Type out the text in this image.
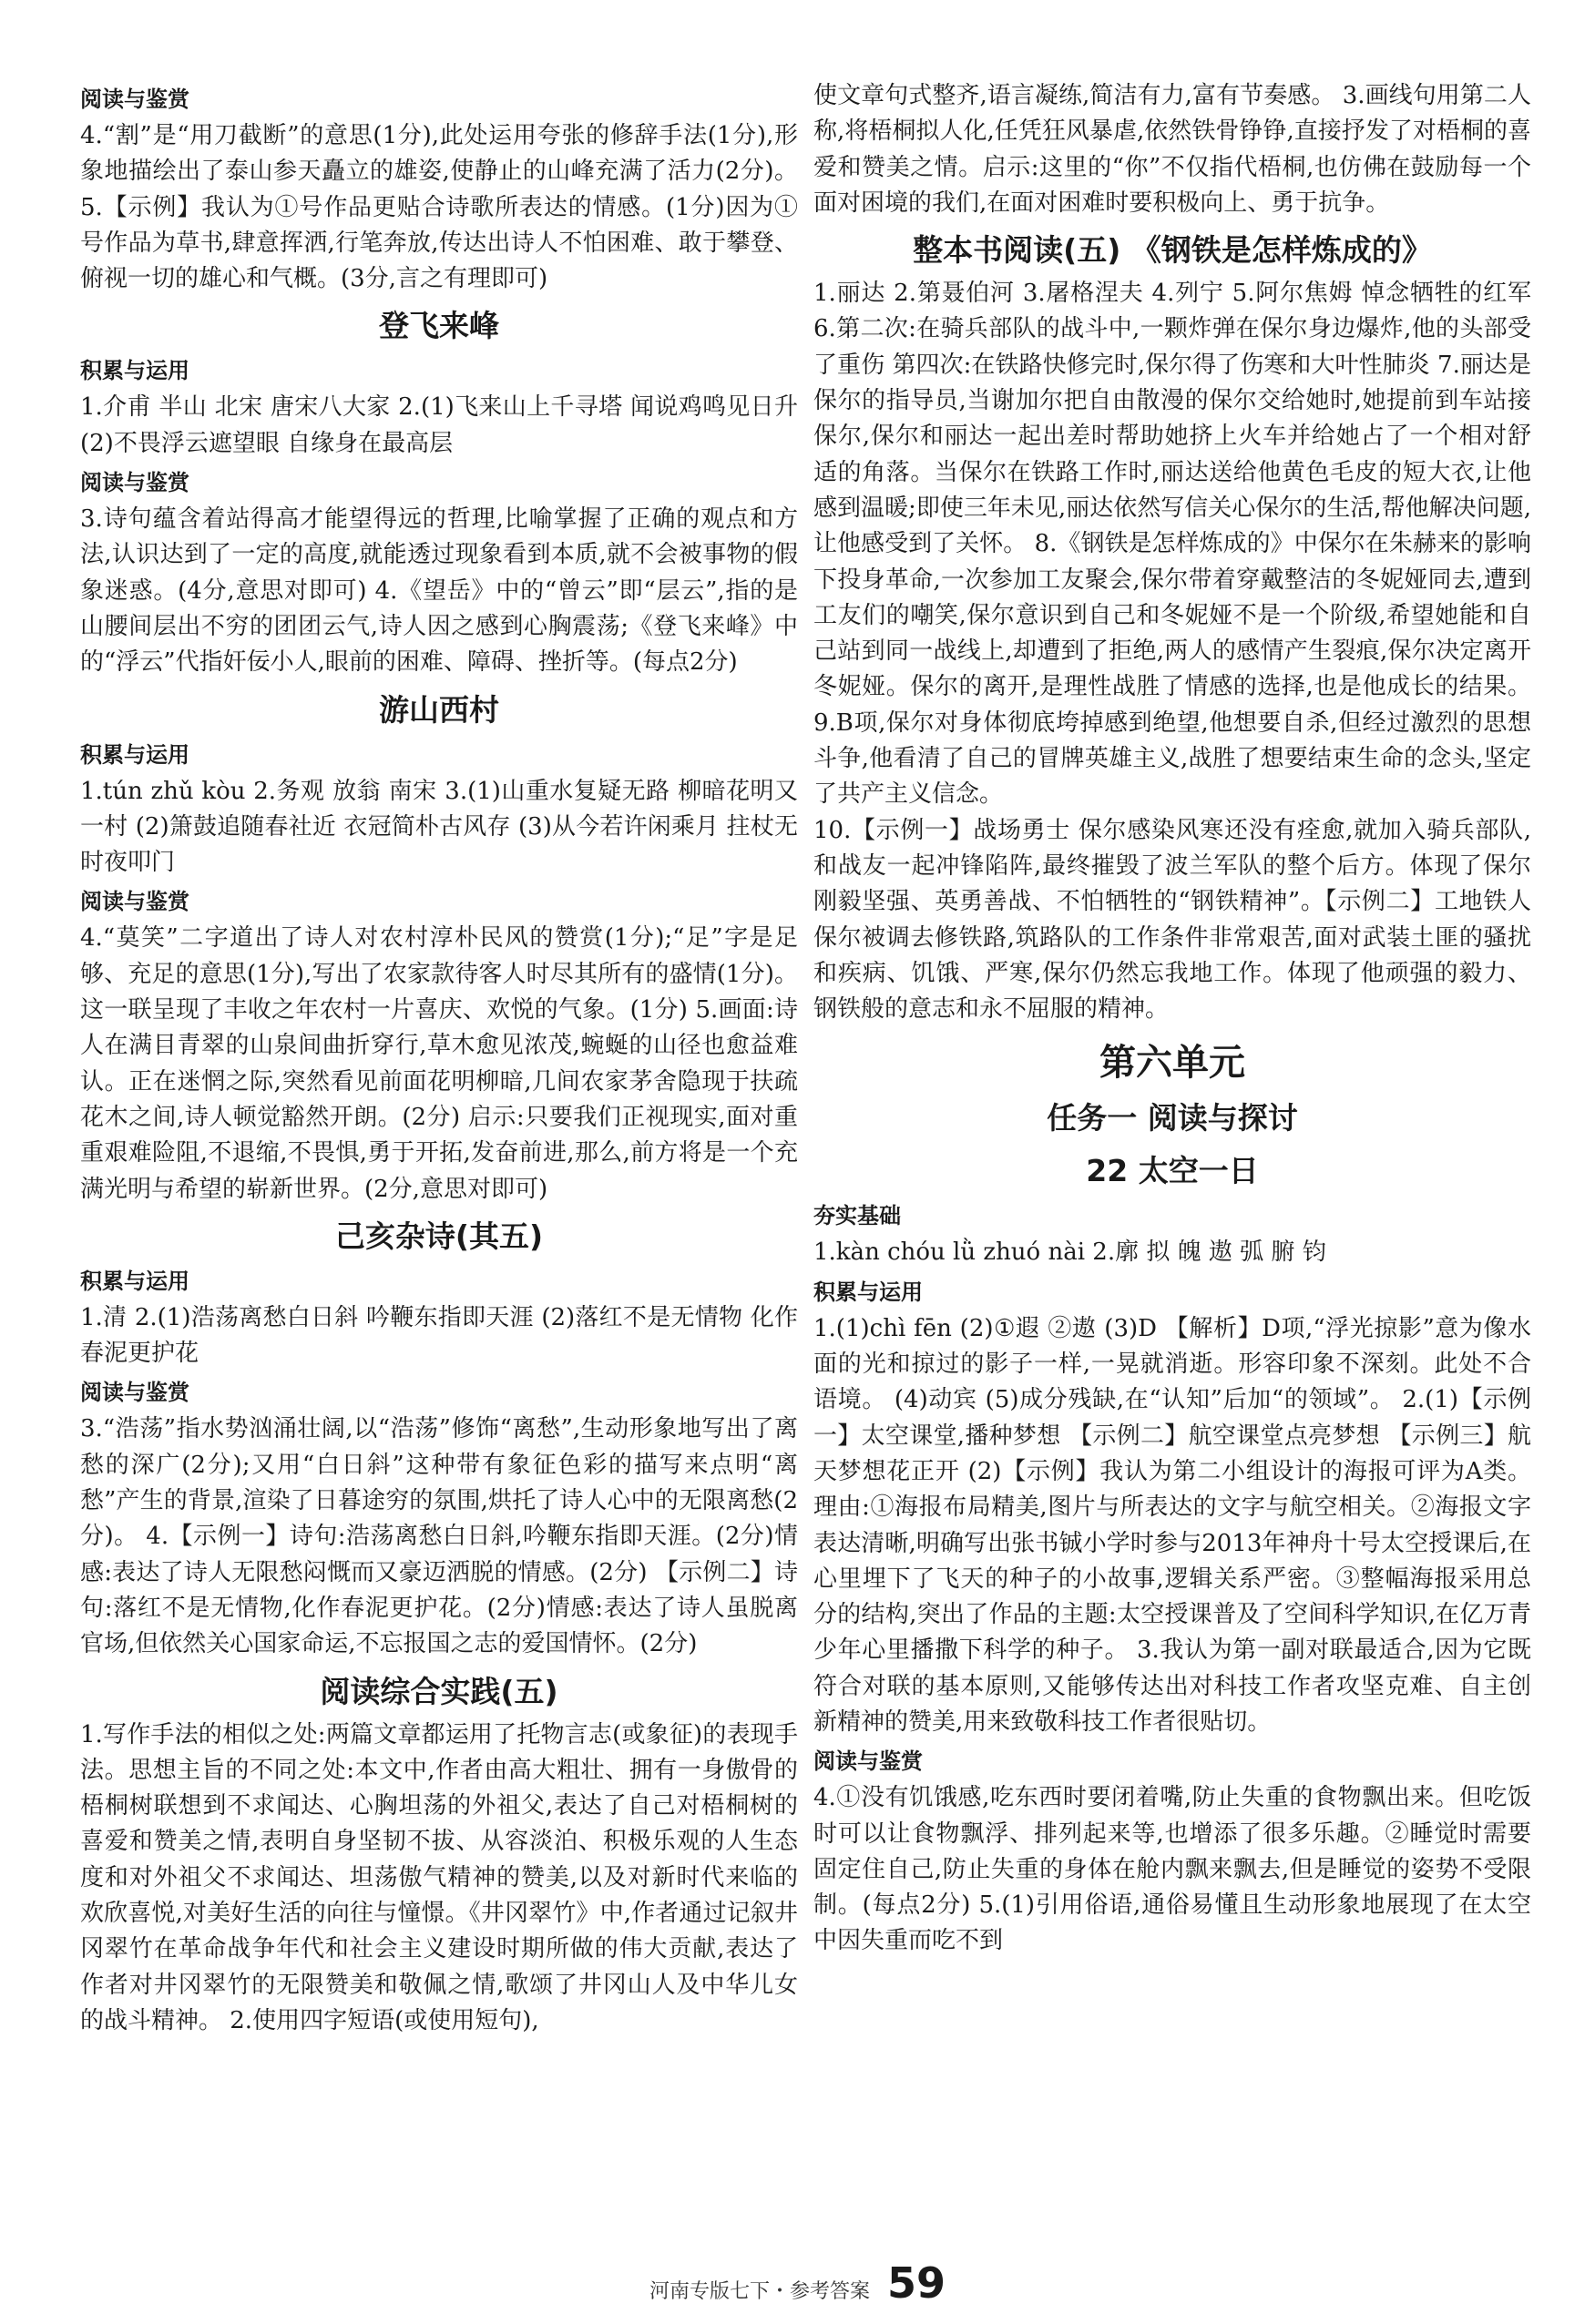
阅读与鉴赏

4.“割”是“用刀截断”的意思(1分),此处运用夸张的修辞手法(1分),形象地描绘出了泰山参天矗立的雄姿,使静止的山峰充满了活力(2分)。 5.【示例】我认为①号作品更贴合诗歌所表达的情感。(1分)因为①号作品为草书,肆意挥洒,行笔奔放,传达出诗人不怕困难、敢于攀登、俯视一切的雄心和气概。(3分,言之有理即可)

登飞来峰
积累与运用

1.介甫 半山 北宋 唐宋八大家 2.(1)飞来山上千寻塔 闻说鸡鸣见日升 (2)不畏浮云遮望眼 自缘身在最高层

阅读与鉴赏

3.诗句蕴含着站得高才能望得远的哲理,比喻掌握了正确的观点和方法,认识达到了一定的高度,就能透过现象看到本质,就不会被事物的假象迷惑。(4分,意思对即可) 4.《望岳》中的“曾云”即“层云”,指的是山腰间层出不穷的团团云气,诗人因之感到心胸震荡;《登飞来峰》中的“浮云”代指奸佞小人,眼前的困难、障碍、挫折等。(每点2分)

游山西村
积累与运用

1.tún zhǔ kòu 2.务观 放翁 南宋 3.(1)山重水复疑无路 柳暗花明又一村 (2)箫鼓追随春社近 衣冠简朴古风存 (3)从今若许闲乘月 拄杖无时夜叩门

阅读与鉴赏

4.“莫笑”二字道出了诗人对农村淳朴民风的赞赏(1分);“足”字是足够、充足的意思(1分),写出了农家款待客人时尽其所有的盛情(1分)。这一联呈现了丰收之年农村一片喜庆、欢悦的气象。(1分) 5.画面:诗人在满目青翠的山泉间曲折穿行,草木愈见浓茂,蜿蜒的山径也愈益难认。正在迷惘之际,突然看见前面花明柳暗,几间农家茅舍隐现于扶疏花木之间,诗人顿觉豁然开朗。(2分) 启示:只要我们正视现实,面对重重艰难险阻,不退缩,不畏惧,勇于开拓,发奋前进,那么,前方将是一个充满光明与希望的崭新世界。(2分,意思对即可)

己亥杂诗(其五)
积累与运用

1.清 2.(1)浩荡离愁白日斜 吟鞭东指即天涯 (2)落红不是无情物 化作春泥更护花

阅读与鉴赏

3.“浩荡”指水势汹涌壮阔,以“浩荡”修饰“离愁”,生动形象地写出了离愁的深广(2分);又用“白日斜”这种带有象征色彩的描写来点明“离愁”产生的背景,渲染了日暮途穷的氛围,烘托了诗人心中的无限离愁(2分)。 4.【示例一】诗句:浩荡离愁白日斜,吟鞭东指即天涯。(2分)情感:表达了诗人无限愁闷慨而又豪迈洒脱的情感。(2分) 【示例二】诗句:落红不是无情物,化作春泥更护花。(2分)情感:表达了诗人虽脱离官场,但依然关心国家命运,不忘报国之志的爱国情怀。(2分)

阅读综合实践(五)

1.写作手法的相似之处:两篇文章都运用了托物言志(或象征)的表现手法。思想主旨的不同之处:本文中,作者由高大粗壮、拥有一身傲骨的梧桐树联想到不求闻达、心胸坦荡的外祖父,表达了自己对梧桐树的喜爱和赞美之情,表明自身坚韧不拔、从容淡泊、积极乐观的人生态度和对外祖父不求闻达、坦荡傲气精神的赞美,以及对新时代来临的欢欣喜悦,对美好生活的向往与憧憬。《井冈翠竹》中,作者通过记叙井冈翠竹在革命战争年代和社会主义建设时期所做的伟大贡献,表达了作者对井冈翠竹的无限赞美和敬佩之情,歌颂了井冈山人及中华儿女的战斗精神。 2.使用四字短语(或使用短句),

使文章句式整齐,语言凝练,简洁有力,富有节奏感。 3.画线句用第二人称,将梧桐拟人化,任凭狂风暴虐,依然铁骨铮铮,直接抒发了对梧桐的喜爱和赞美之情。启示:这里的“你”不仅指代梧桐,也仿佛在鼓励每一个面对困境的我们,在面对困难时要积极向上、勇于抗争。

整本书阅读(五) 《钢铁是怎样炼成的》

1.丽达 2.第聂伯河 3.屠格涅夫 4.列宁 5.阿尔焦姆 悼念牺牲的红军 6.第二次:在骑兵部队的战斗中,一颗炸弹在保尔身边爆炸,他的头部受了重伤 第四次:在铁路快修完时,保尔得了伤寒和大叶性肺炎 7.丽达是保尔的指导员,当谢加尔把自由散漫的保尔交给她时,她提前到车站接保尔,保尔和丽达一起出差时帮助她挤上火车并给她占了一个相对舒适的角落。当保尔在铁路工作时,丽达送给他黄色毛皮的短大衣,让他感到温暖;即使三年未见,丽达依然写信关心保尔的生活,帮他解决问题,让他感受到了关怀。 8.《钢铁是怎样炼成的》中保尔在朱赫来的影响下投身革命,一次参加工友聚会,保尔带着穿戴整洁的冬妮娅同去,遭到工友们的嘲笑,保尔意识到自己和冬妮娅不是一个阶级,希望她能和自己站到同一战线上,却遭到了拒绝,两人的感情产生裂痕,保尔决定离开冬妮娅。保尔的离开,是理性战胜了情感的选择,也是他成长的结果。 9.B项,保尔对身体彻底垮掉感到绝望,他想要自杀,但经过激烈的思想斗争,他看清了自己的冒牌英雄主义,战胜了想要结束生命的念头,坚定了共产主义信念。

10.【示例一】战场勇士 保尔感染风寒还没有痊愈,就加入骑兵部队,和战友一起冲锋陷阵,最终摧毁了波兰军队的整个后方。体现了保尔刚毅坚强、英勇善战、不怕牺牲的“钢铁精神”。【示例二】工地铁人 保尔被调去修铁路,筑路队的工作条件非常艰苦,面对武装土匪的骚扰和疾病、饥饿、严寒,保尔仍然忘我地工作。体现了他顽强的毅力、钢铁般的意志和永不屈服的精神。

第六单元
任务一 阅读与探讨
22 太空一日
夯实基础

1.kàn chóu lǜ zhuó nài 2.廓 拟 魄 遨 弧 腑 钧

积累与运用

1.(1)chì fēn (2)①遐 ②遨 (3)D 【解析】D项,“浮光掠影”意为像水面的光和掠过的影子一样,一晃就消逝。形容印象不深刻。此处不合语境。 (4)动宾 (5)成分残缺,在“认知”后加“的领域”。 2.(1)【示例一】太空课堂,播种梦想 【示例二】航空课堂点亮梦想 【示例三】航天梦想花正开 (2)【示例】我认为第二小组设计的海报可评为A类。理由:①海报布局精美,图片与所表达的文字与航空相关。②海报文字表达清晰,明确写出张书铖小学时参与2013年神舟十号太空授课后,在心里埋下了飞天的种子的小故事,逻辑关系严密。③整幅海报采用总分的结构,突出了作品的主题:太空授课普及了空间科学知识,在亿万青少年心里播撒下科学的种子。 3.我认为第一副对联最适合,因为它既符合对联的基本原则,又能够传达出对科技工作者攻坚克难、自主创新精神的赞美,用来致敬科技工作者很贴切。

阅读与鉴赏

4.①没有饥饿感,吃东西时要闭着嘴,防止失重的食物飘出来。但吃饭时可以让食物飘浮、排列起来等,也增添了很多乐趣。②睡觉时需要固定住自己,防止失重的身体在舱内飘来飘去,但是睡觉的姿势不受限制。(每点2分) 5.(1)引用俗语,通俗易懂且生动形象地展现了在太空中因失重而吃不到

河南专版七下・参考答案 59
